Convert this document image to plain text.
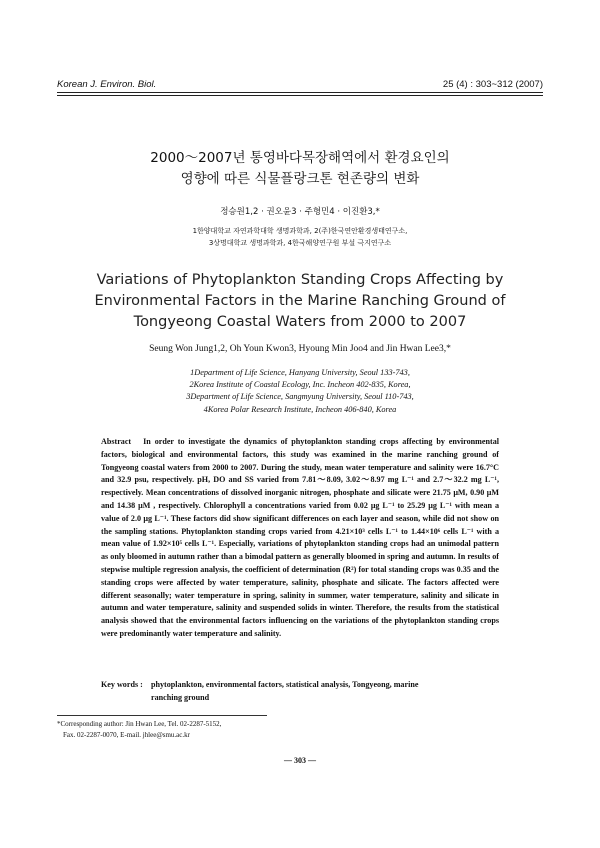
Korean J. Environ. Biol.	25 (4) : 303~312 (2007)
2000～2007년 통영바다목장해역에서 환경요인의
영향에 따른 식물플랑크톤 현존량의 변화
정승원1,2 · 권오윤3 · 주형민4 · 이진환3,*
1한양대학교 자연과학대학 생명과학과, 2(주)한국연안환경생태연구소,
3상명대학교 생명과학과, 4한국해양연구원 부설 극지연구소
Variations of Phytoplankton Standing Crops Affecting by
Environmental Factors in the Marine Ranching Ground of
Tongyeong Coastal Waters from 2000 to 2007
Seung Won Jung1,2, Oh Youn Kwon3, Hyoung Min Joo4 and Jin Hwan Lee3,*
1Department of Life Science, Hanyang University, Seoul 133-743,
2Korea Institute of Coastal Ecology, Inc. Incheon 402-835, Korea,
3Department of Life Science, Sangmyung University, Seoul 110-743,
4Korea Polar Research Institute, Incheon 406-840, Korea
Abstract In order to investigate the dynamics of phytoplankton standing crops affecting by environmental factors, biological and environmental factors, this study was examined in the marine ranching ground of Tongyeong coastal waters from 2000 to 2007. During the study, mean water temperature and salinity were 16.7°C and 32.9 psu, respectively. pH, DO and SS varied from 7.81～8.09, 3.02～8.97 mg L⁻¹ and 2.7～32.2 mg L⁻¹, respectively. Mean concentrations of dissolved inorganic nitrogen, phosphate and silicate were 21.75 μM, 0.90 μM and 14.38 μM , respectively. Chlorophyll a concentrations varied from 0.02 μg L⁻¹ to 25.29 μg L⁻¹ with mean a value of 2.0 μg L⁻¹. These factors did show significant differences on each layer and season, while did not show on the sampling stations. Phytoplankton standing crops varied from 4.21×10³ cells L⁻¹ to 1.44×10⁶ cells L⁻¹ with a mean value of 1.92×10⁵ cells L⁻¹. Especially, variations of phytoplankton standing crops had an unimodal pattern as only bloomed in autumn rather than a bimodal pattern as generally bloomed in spring and autumn. In results of stepwise multiple regression analysis, the coefficient of determination (R²) for total standing crops was 0.35 and the standing crops were affected by water temperature, salinity, phosphate and silicate. The factors affected were different seasonally; water temperature in spring, salinity in summer, water temperature, salinity and silicate in autumn and water temperature, salinity and suspended solids in winter. Therefore, the results from the statistical analysis showed that the environmental factors influencing on the variations of the phytoplankton standing crops were predominantly water temperature and salinity.
Key words : phytoplankton, environmental factors, statistical analysis, Tongyeong, marine
ranching ground
*Corresponding author: Jin Hwan Lee, Tel. 02-2287-5152,
Fax. 02-2287-0070, E-mail. jhlee@smu.ac.kr
— 303 —
